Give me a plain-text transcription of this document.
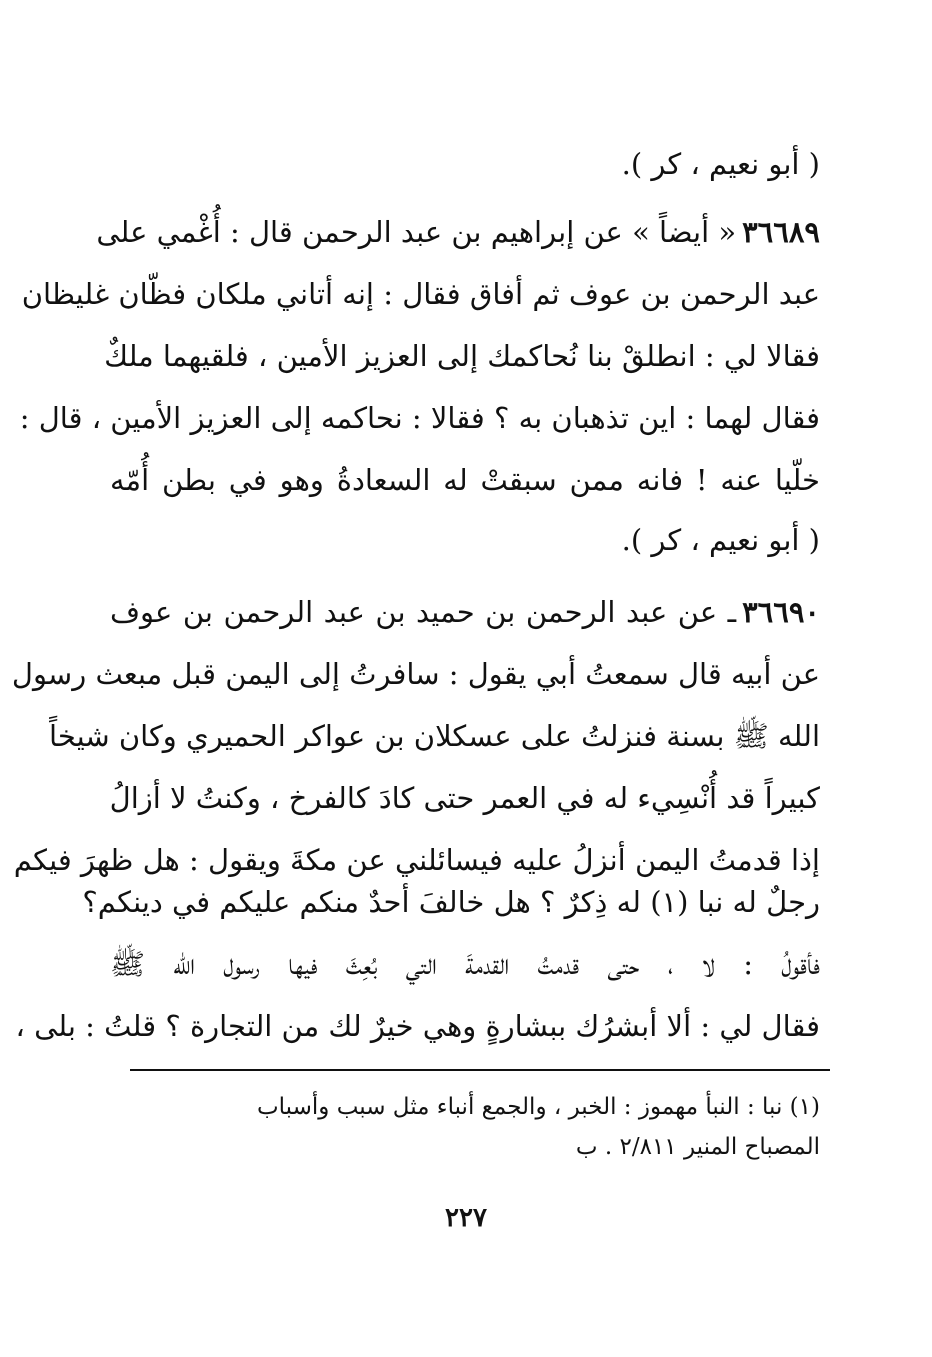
( أبو نعيم ، كر ).
٣٦٦٨٩« أيضاً » عن إبراهيم بن عبد الرحمن قال : أُغْمي على
عبد الرحمن بن عوف ثم أفاق فقال : إنه أتاني ملكان فظّان غليظان
فقالا لي : انطلقْ بنا نُحاكمك إلى العزيز الأمين ، فلقيهما ملكٌ
فقال لهما : اين تذهبان به ؟ فقالا : نحاكمه إلى العزيز الأمين ، قال :
خلّيا عنه ! فانه ممن سبقتْ له السعادةُ وهو في بطن أُمّه
( أبو نعيم ، كر ).
٣٦٦٩٠ـ عن عبد الرحمن بن حميد بن عبد الرحمن بن عوف
عن أبيه قال سمعتُ أبي يقول : سافرتُ إلى اليمن قبل مبعث رسول
الله ﷺ بسنة فنزلتُ على عسكلان بن عواكر الحميري وكان شيخاً
كبيراً قد أُنْسِيء له في العمر حتى كادَ كالفرخ ، وكنتُ لا أزالُ
إذا قدمتُ اليمن أنزلُ عليه فيسائلني عن مكةَ ويقول : هل ظهرَ فيكم
رجلٌ له نبا (١) له ذِكرٌ ؟ هل خالفَ أحدٌ منكم عليكم في دينكم؟
فأقولُ : لا ، حتى قدمتُ القدمةَ التي بُعِثَ فيها رسول الله ﷺ
فقال لي : ألا أبشرُك ببشارةٍ وهي خيرٌ لك من التجارة ؟ قلتُ : بلى ،
(١) نبا : النبأ مهموز : الخبر ، والجمع أنباء مثل سبب وأسباب
المصباح المنير ٢/٨١١ . ب
٢٢٧
